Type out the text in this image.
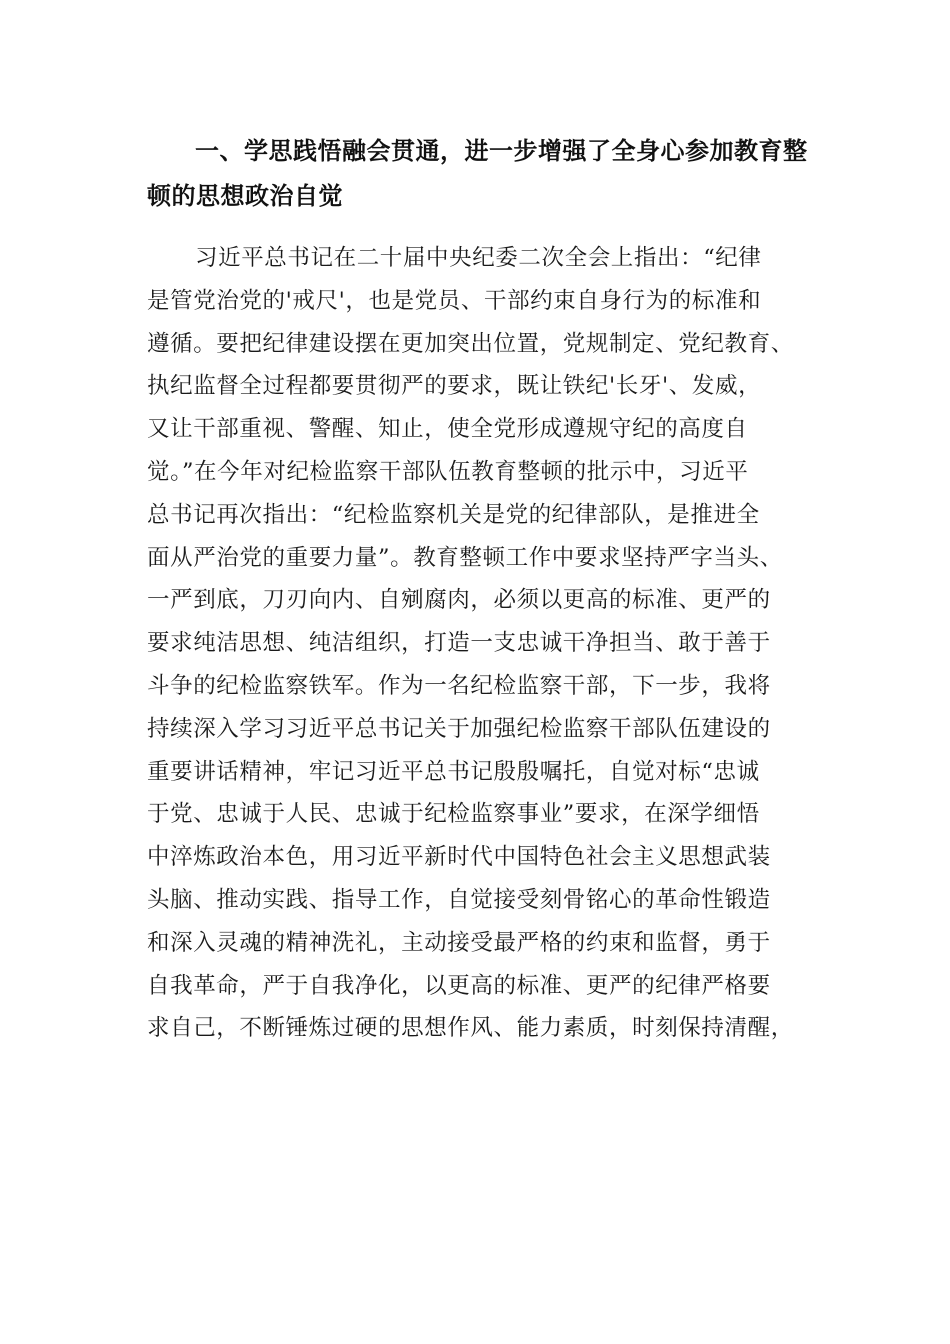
一、学思践悟融会贯通，进一步增强了全身心参加教育整
顿的思想政治自觉
习近平总书记在二十届中央纪委二次全会上指出：“纪律
是管党治党的'戒尺'，也是党员、干部约束自身行为的标准和
遵循。要把纪律建设摆在更加突出位置，党规制定、党纪教育、
执纪监督全过程都要贯彻严的要求，既让铁纪'长牙'、发威，
又让干部重视、警醒、知止，使全党形成遵规守纪的高度自
觉。”在今年对纪检监察干部队伍教育整顿的批示中，习近平
总书记再次指出：“纪检监察机关是党的纪律部队，是推进全
面从严治党的重要力量”。教育整顿工作中要求坚持严字当头、
一严到底，刀刃向内、自剜腐肉，必须以更高的标准、更严的
要求纯洁思想、纯洁组织，打造一支忠诚干净担当、敢于善于
斗争的纪检监察铁军。作为一名纪检监察干部，下一步，我将
持续深入学习习近平总书记关于加强纪检监察干部队伍建设的
重要讲话精神，牢记习近平总书记殷殷嘱托，自觉对标“忠诚
于党、忠诚于人民、忠诚于纪检监察事业”要求，在深学细悟
中淬炼政治本色，用习近平新时代中国特色社会主义思想武装
头脑、推动实践、指导工作，自觉接受刻骨铭心的革命性锻造
和深入灵魂的精神洗礼，主动接受最严格的约束和监督，勇于
自我革命，严于自我净化，以更高的标准、更严的纪律严格要
求自己，不断锤炼过硬的思想作风、能力素质，时刻保持清醒，
